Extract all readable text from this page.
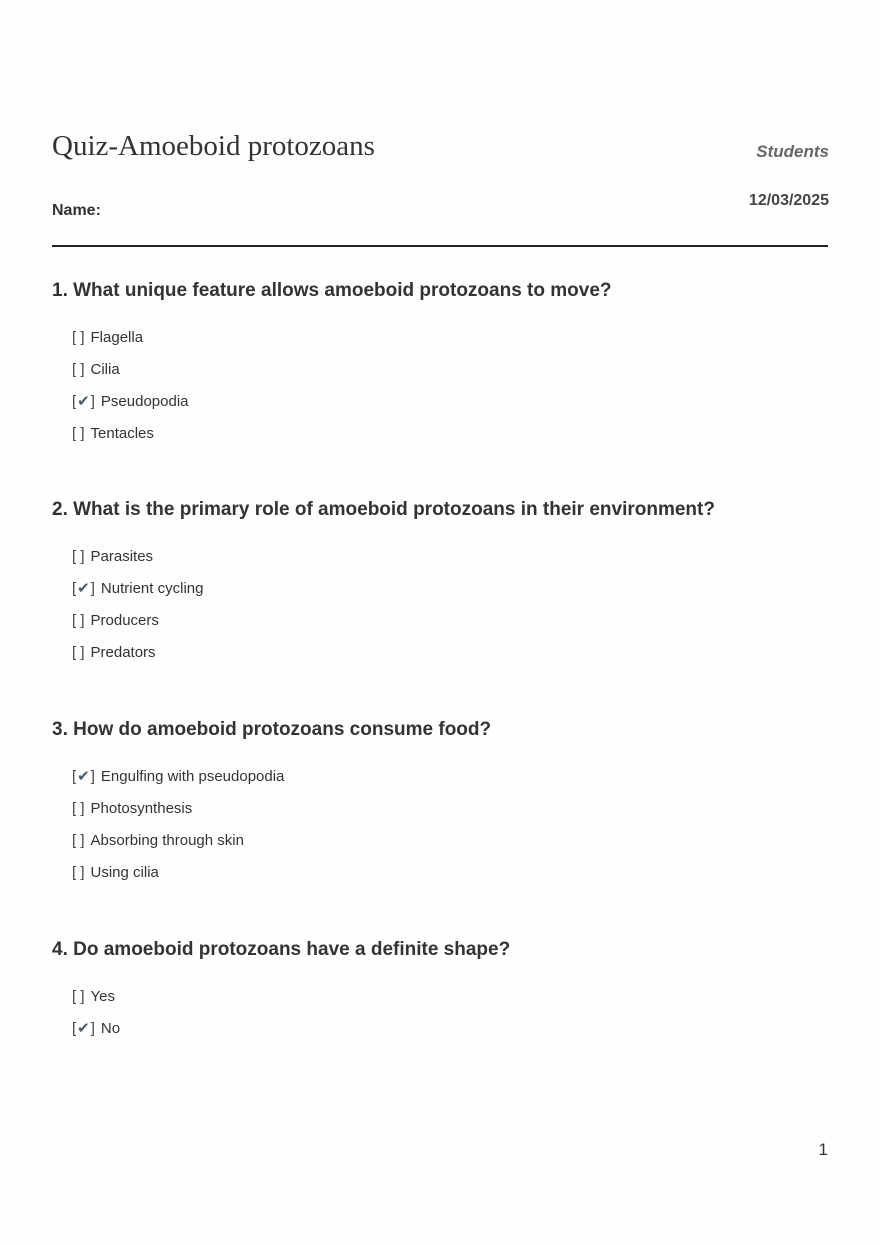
Quiz-Amoeboid protozoans	Students
12/03/2025
Name:

1. What unique feature allows amoeboid protozoans to move?

[ ] Flagella
[ ] Cilia
[✔] Pseudopodia
[ ] Tentacles

2. What is the primary role of amoeboid protozoans in their environment?

[ ] Parasites
[✔] Nutrient cycling
[ ] Producers
[ ] Predators

3. How do amoeboid protozoans consume food?

[✔] Engulfing with pseudopodia
[ ] Photosynthesis
[ ] Absorbing through skin
[ ] Using cilia

4. Do amoeboid protozoans have a definite shape?

[ ] Yes
[✔] No
1
